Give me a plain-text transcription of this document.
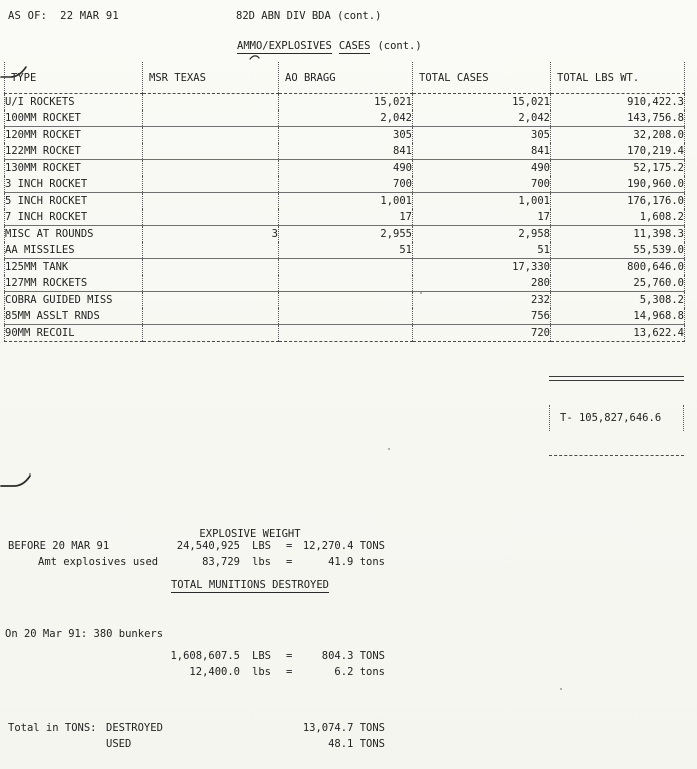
AS OF:  22 MAR 91	82D ABN DIV BDA (cont.)
AMMO/EXPLOSIVES CASES (cont.)
TYPE	MSR TEXAS	AO BRAGG	TOTAL CASES	TOTAL LBS WT.
U/I ROCKETS		15,021	15,021	910,422.3
100MM ROCKET		2,042	2,042	143,756.8
120MM ROCKET		305	305	32,208.0
122MM ROCKET		841	841	170,219.4
130MM ROCKET		490	490	52,175.2
3 INCH ROCKET		700	700	190,960.0
5 INCH ROCKET		1,001	1,001	176,176.0
7 INCH ROCKET		17	17	1,608.2
MISC AT ROUNDS	3	2,955	2,958	11,398.3
AA MISSILES		51	51	55,539.0
125MM TANK			17,330	800,646.0
127MM ROCKETS			280	25,760.0
COBRA GUIDED MISS			232	5,308.2
85MM ASSLT RNDS			756	14,968.8
90MM RECOIL			720	13,622.4

T- 105,827,646.6

EXPLOSIVE WEIGHT

TOTAL MUNITIONS DESTROYED

BEFORE 20 MAR 91	24,540,925 LBS = 12,270.4 TONS
Amt explosives used	83,729 lbs =	41.9 tons
On 20 Mar 91: 380 bunkers
1,608,607.5 LBS =	804.3 TONS
12,400.0 lbs =	6.2 tons
Total in TONS: DESTROYED	13,074.7 TONS
USED	48.1 TONS
